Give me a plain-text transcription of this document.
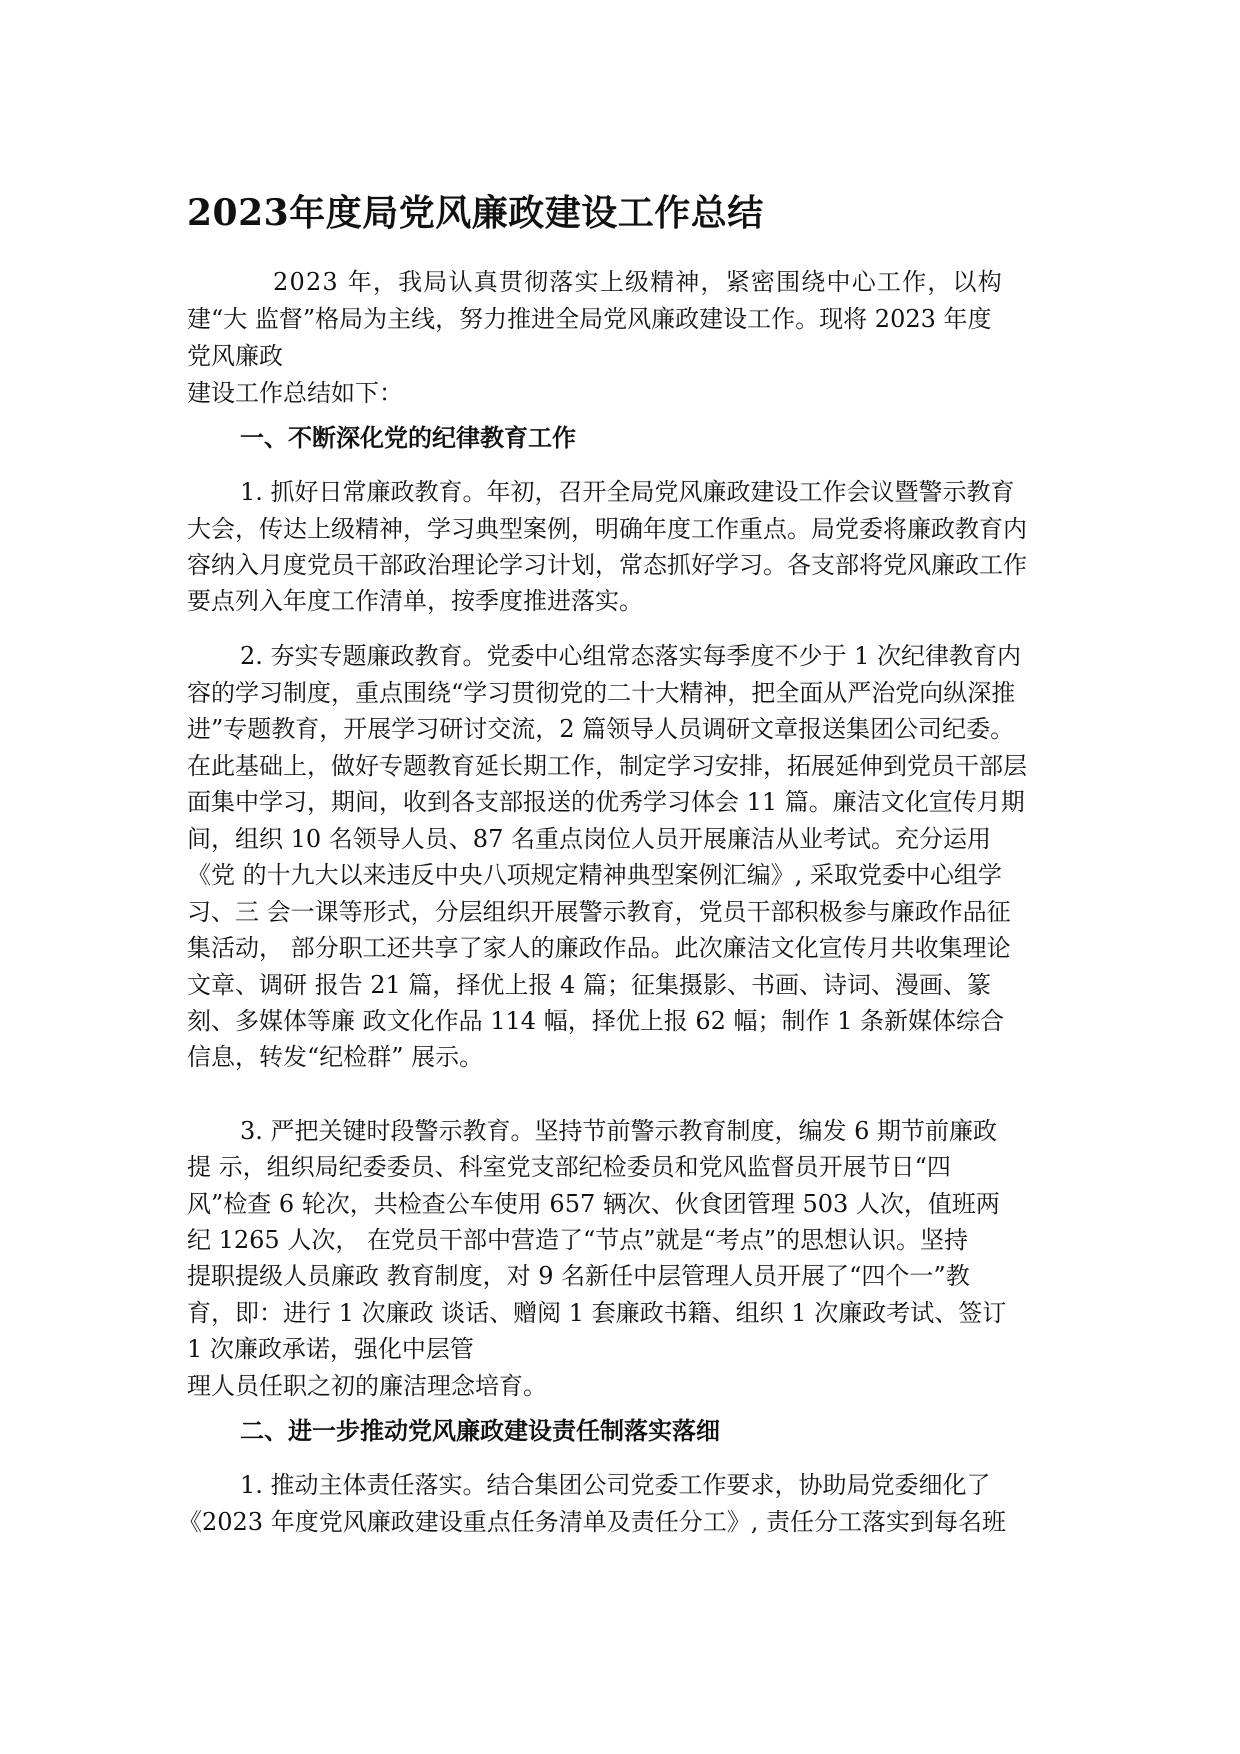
2023年度局党风廉政建设工作总结
2023 年，我局认真贯彻落实上级精神，紧密围绕中心工作，以构
建“大 监督”格局为主线，努力推进全局党风廉政建设工作。现将 2023 年度
党风廉政
建设工作总结如下：
一、不断深化党的纪律教育工作
1. 抓好日常廉政教育。年初，召开全局党风廉政建设工作会议暨警示教育
大会，传达上级精神，学习典型案例，明确年度工作重点。局党委将廉政教育内
容纳入月度党员干部政治理论学习计划，常态抓好学习。各支部将党风廉政工作
要点列入年度工作清单，按季度推进落实。
2. 夯实专题廉政教育。党委中心组常态落实每季度不少于 1 次纪律教育内
容的学习制度，重点围绕“学习贯彻党的二十大精神，把全面从严治党向纵深推
进”专题教育，开展学习研讨交流，2 篇领导人员调研文章报送集团公司纪委。
在此基础上，做好专题教育延长期工作，制定学习安排，拓展延伸到党员干部层
面集中学习，期间，收到各支部报送的优秀学习体会 11 篇。廉洁文化宣传月期
间，组织 10 名领导人员、87 名重点岗位人员开展廉洁从业考试。充分运用
《党 的十九大以来违反中央八项规定精神典型案例汇编》, 采取党委中心组学
习、三 会一课等形式，分层组织开展警示教育，党员干部积极参与廉政作品征
集活动， 部分职工还共享了家人的廉政作品。此次廉洁文化宣传月共收集理论
文章、调研 报告 21 篇，择优上报 4 篇；征集摄影、书画、诗词、漫画、篆
刻、多媒体等廉 政文化作品 114 幅，择优上报 62 幅；制作 1 条新媒体综合
信息，转发“纪检群” 展示。
3. 严把关键时段警示教育。坚持节前警示教育制度，编发 6 期节前廉政
提 示，组织局纪委委员、科室党支部纪检委员和党风监督员开展节日“四
风”检查 6 轮次，共检查公车使用 657 辆次、伙食团管理 503 人次，值班两
纪 1265 人次， 在党员干部中营造了“节点”就是“考点”的思想认识。坚持
提职提级人员廉政 教育制度，对 9 名新任中层管理人员开展了“四个一”教
育，即：进行 1 次廉政 谈话、赠阅 1 套廉政书籍、组织 1 次廉政考试、签订
1 次廉政承诺，强化中层管
理人员任职之初的廉洁理念培育。
二、进一步推动党风廉政建设责任制落实落细
1. 推动主体责任落实。结合集团公司党委工作要求，协助局党委细化了
《2023 年度党风廉政建设重点任务清单及责任分工》, 责任分工落实到每名班
